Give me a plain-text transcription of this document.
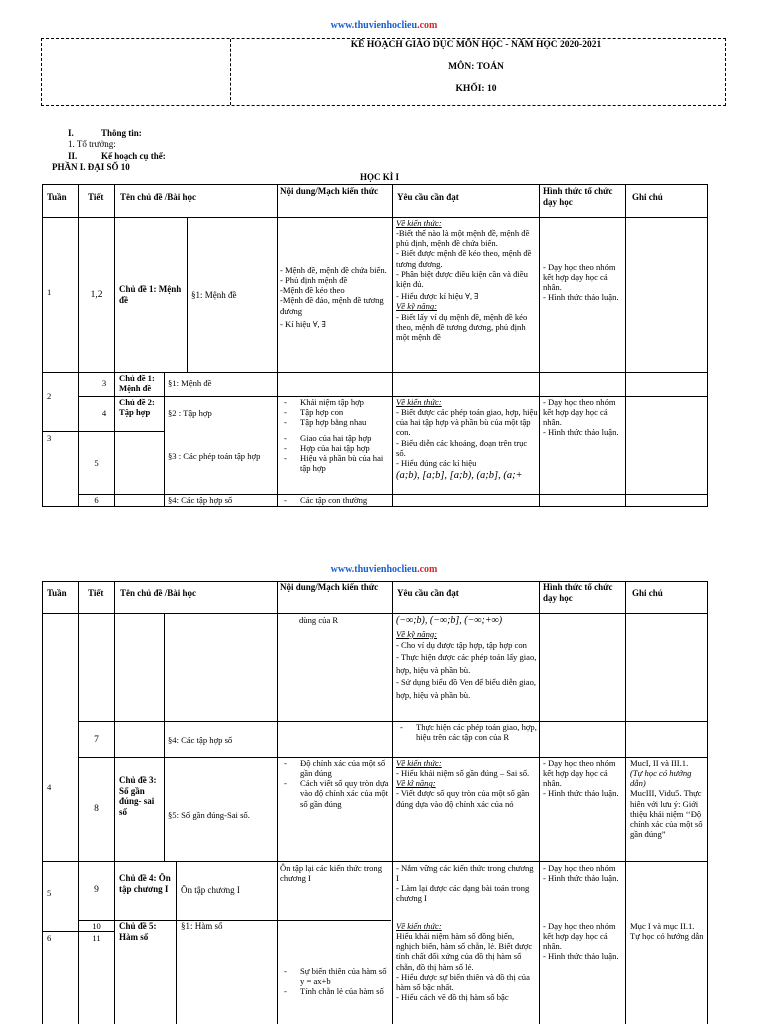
www.thuvienhoclieu.com
KẾ HOẠCH GIÁO DỤC MÔN HỌC - NĂM HỌC 2020-2021
MÔN: TOÁN
KHỐI: 10
I.	Thông tin:
1. Tổ trưởng:
II.	Kế hoạch cụ thể:
PHẦN I. ĐẠI SỐ 10
HỌC KÌ I
Tuần Tiết Tên chủ đề /Bài học
Nội dung/Mạch kiến thức
Yêu cầu cần đạt
Hình thức tổ chức dạy học	Ghi chú
1	1,2
Chủ đề 1: Mệnh đề	§1: Mệnh đề
- Mệnh đề, mệnh đề chứa biến.
- Phủ định mệnh đề
-Mệnh đề kéo theo
-Mệnh đề đảo, mệnh đề tương đương
- Kí hiệu ∀, ∃
Về kiến thức:
-Biết thế nào là một mệnh đề, mệnh đề phủ định, mệnh đề chứa biến.
- Biết được mệnh đề kéo theo, mệnh đề tương đương.
- Phân biệt được điều kiện cần và điều kiện đủ.
- Hiểu được kí hiệu ∀, ∃
Về kỹ năng:
- Biết lấy ví dụ mệnh đề, mệnh đề kéo theo, mệnh đề tương đương, phủ định một mệnh đề
- Dạy học theo nhóm kết hợp dạy học cá nhân.
- Hình thức thảo luận.
2
3	Chủ đề 1: Mệnh đề
§1: Mệnh đề
4
Chủ đề 2: Tập hợp	§2 : Tập hợp
- Khái niệm tập hợp
- Tập hợp con
- Tập hợp bằng nhau
Về kiến thức:
- Biết được các phép toán giao, hợp, hiệu của hai tập hợp và phần bù của một tập con.
- Biểu diễn các khoảng, đoạn trên trục số.
- Hiểu đúng các kí hiệu
(a;b), [a;b], [a;b), (a;b], (a;+
- Dạy học theo nhóm kết hợp dạy học cá nhân.
- Hình thức thảo luận.
3
5
§3 : Các phép toán tập hợp
- Giao của hai tập hợp
- Hợp của hai tập hợp
- Hiệu và phần bù của hai tập hợp
6	§4: Các tập hợp số
-	Các tập con thường
www.thuvienhoclieu.com
Tuần Tiết Tên chủ đề /Bài học
Nội dung/Mạch kiến thức
Yêu cầu cần đạt
Hình thức tổ chức dạy học	Ghi chú
dùng của R	(−∞;b), (−∞;b], (−∞;+∞)
Về kỹ năng:
- Cho ví dụ được tập hợp, tập hợp con
- Thực hiện được các phép toán lấy giao, hợp, hiệu và phần bù.
- Sử dụng biểu đồ Ven để biểu diễn giao, hợp, hiệu và phần bù.
7	§4: Các tập hợp số
- Thực hiện các phép toán giao, hợp, hiệu trên các tập con của R
4
8
Chủ đề 3: Số gần đúng- sai số	§5: Số gần đúng-Sai số.
- Độ chính xác của một số gần đúng
- Cách viết số quy tròn dựa vào độ chính xác của một số gần đúng
Về kiến thức:
- Hiểu khái niệm số gần đúng – Sai số.
Về kĩ năng:
- Viết được số quy tròn của một số gần đúng dựa vào độ chính xác của nó
- Dạy học theo nhóm kết hợp dạy học cá nhân.
- Hình thức thảo luận.
MucI, II và III.1.
(Tự học có hướng dẫn)
MucIII, Vidu5. Thực hiên với lưu ý: Giới thiệu khái niệm ‘‘Độ chính xác của một số gần đúng”
5	9
Chủ đề 4: Ôn tập chương I	Ôn tập chương I
Ôn tập lại các kiến thức trong chương I
- Nắm vững các kiến thức trong chương I
- Làm lại được các dạng bài toán trong chương I
- Dạy học theo nhóm
- Hình thức thảo luận.
10
6	11
Chủ đề 5: Hàm số
§1: Hàm số
- Sự biến thiên của hàm số y = ax+b
- Tính chẵn lẻ của hàm số
Về kiến thức:
Hiểu khái niệm hàm số đồng biến, nghịch biến, hàm số chẵn, lẻ. Biết được tính chất đối xứng của đồ thị hàm số chẵn, đồ thị hàm số lẻ.
- Hiểu được sự biến thiên và đồ thị của hàm số bậc nhất.
- Hiểu cách vẽ đồ thị hàm số bậc
- Dạy học theo nhóm kết hợp dạy học cá nhân.
- Hình thức thảo luận.
Mục I và mục II.1.
Tự học có hướng dẫn
